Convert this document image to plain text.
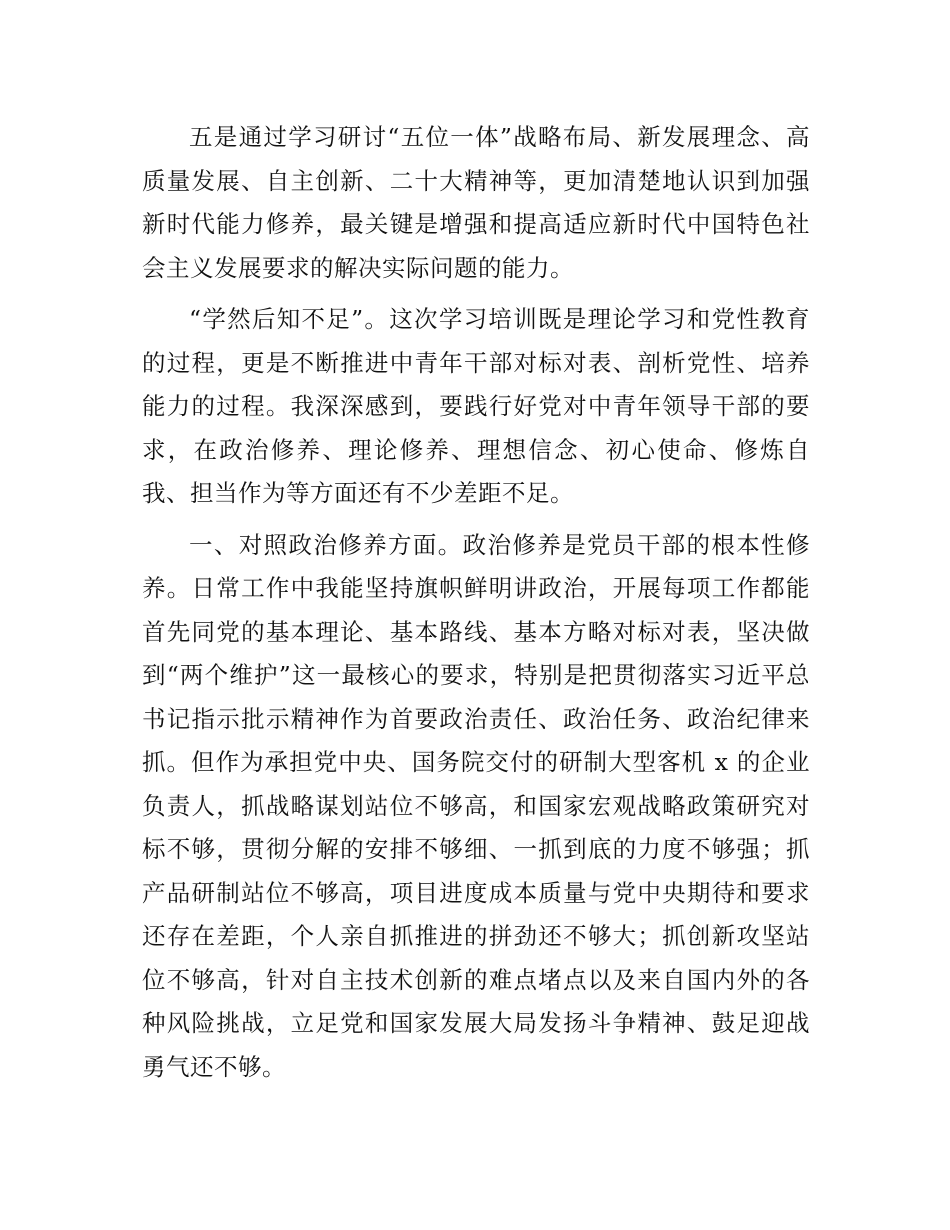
五是通过学习研讨“五位一体”战略布局、新发展理念、高质量发展、自主创新、二十大精神等，更加清楚地认识到加强新时代能力修养，最关键是增强和提高适应新时代中国特色社会主义发展要求的解决实际问题的能力。

“学然后知不足”。这次学习培训既是理论学习和党性教育的过程，更是不断推进中青年干部对标对表、剖析党性、培养能力的过程。我深深感到，要践行好党对中青年领导干部的要求，在政治修养、理论修养、理想信念、初心使命、修炼自我、担当作为等方面还有不少差距不足。

一、对照政治修养方面。政治修养是党员干部的根本性修养。日常工作中我能坚持旗帜鲜明讲政治，开展每项工作都能首先同党的基本理论、基本路线、基本方略对标对表，坚决做到“两个维护”这一最核心的要求，特别是把贯彻落实习近平总书记指示批示精神作为首要政治责任、政治任务、政治纪律来抓。但作为承担党中央、国务院交付的研制大型客机 x 的企业负责人，抓战略谋划站位不够高，和国家宏观战略政策研究对标不够，贯彻分解的安排不够细、一抓到底的力度不够强；抓产品研制站位不够高，项目进度成本质量与党中央期待和要求还存在差距，个人亲自抓推进的拼劲还不够大；抓创新攻坚站位不够高，针对自主技术创新的难点堵点以及来自国内外的各种风险挑战，立足党和国家发展大局发扬斗争精神、鼓足迎战勇气还不够。
